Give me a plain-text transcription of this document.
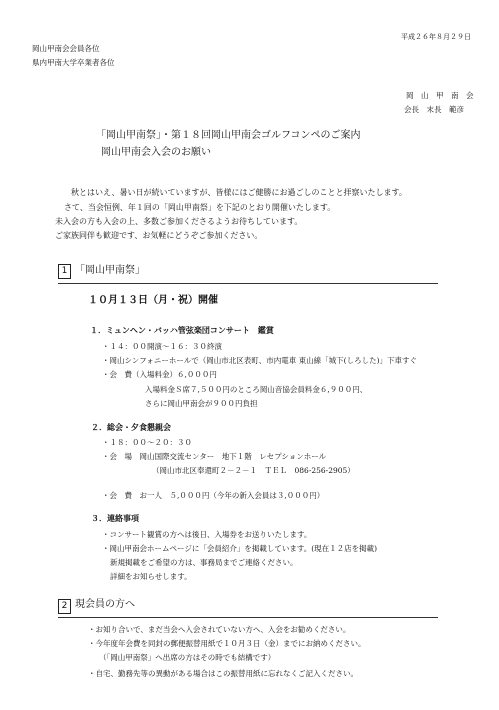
平成２６年８月２９日
岡山甲南会会員各位
県内甲南大学卒業者各位
岡　山　甲　南　会
会長　末長　範彦
「岡山甲南祭」・第１８回岡山甲南会ゴルフコンペのご案内
岡山甲南会入会のお願い
秋とはいえ、暑い日が続いていますが、皆様にはご健勝にお過ごしのことと拝察いたします。
さて、当会恒例、年１回の「岡山甲南祭」を下記のとおり開催いたします。
未入会の方も入会の上、多数ご参加くださるようお待ちしています。
ご家族同伴も歓迎です、お気軽にどうぞご参加ください。
1 「岡山甲南祭」
１０月１３日（月・祝）開催
１．ミュンヘン・バッハ管弦楽団コンサート　鑑賞
・１４：００開演～１６：３０終演
・岡山シンフォニーホールで（岡山市北区表町、市内電車 東山線「城下(しろした)」下車すぐ
・会　費（入場料金）６,０００円
入場料金Ｓ席７,５００円のところ岡山音協会員料金６,９００円、
さらに岡山甲南会が９００円負担
２．総会・夕食懇親会
・１８：００～２０：３０
・会　場　岡山国際交流センター　地下１階　レセプションホール
（岡山市北区奉還町２－２－１　ＴＥＬ　086-256-2905）
・会　費　お一人　５,０００円（今年の新入会員は３,０００円）
３．連絡事項
・コンサート観賞の方へは後日、入場券をお送りいたします。
・岡山甲南会ホームページに「会員紹介」を掲載しています。(現在１２店を掲載)
新規掲載をご希望の方は、事務局までご連絡ください。
詳細をお知らせします。
2 現会員の方へ
・お知り合いで、まだ当会へ入会されていない方へ、入会をお勧めください。
・今年度年会費を同封の郵便振替用紙で１０月３日（金）までにお納めください。
（「岡山甲南祭」へ出席の方はその時でも結構です）
・自宅、勤務先等の異動がある場合はこの振替用紙に忘れなくご記入ください。
